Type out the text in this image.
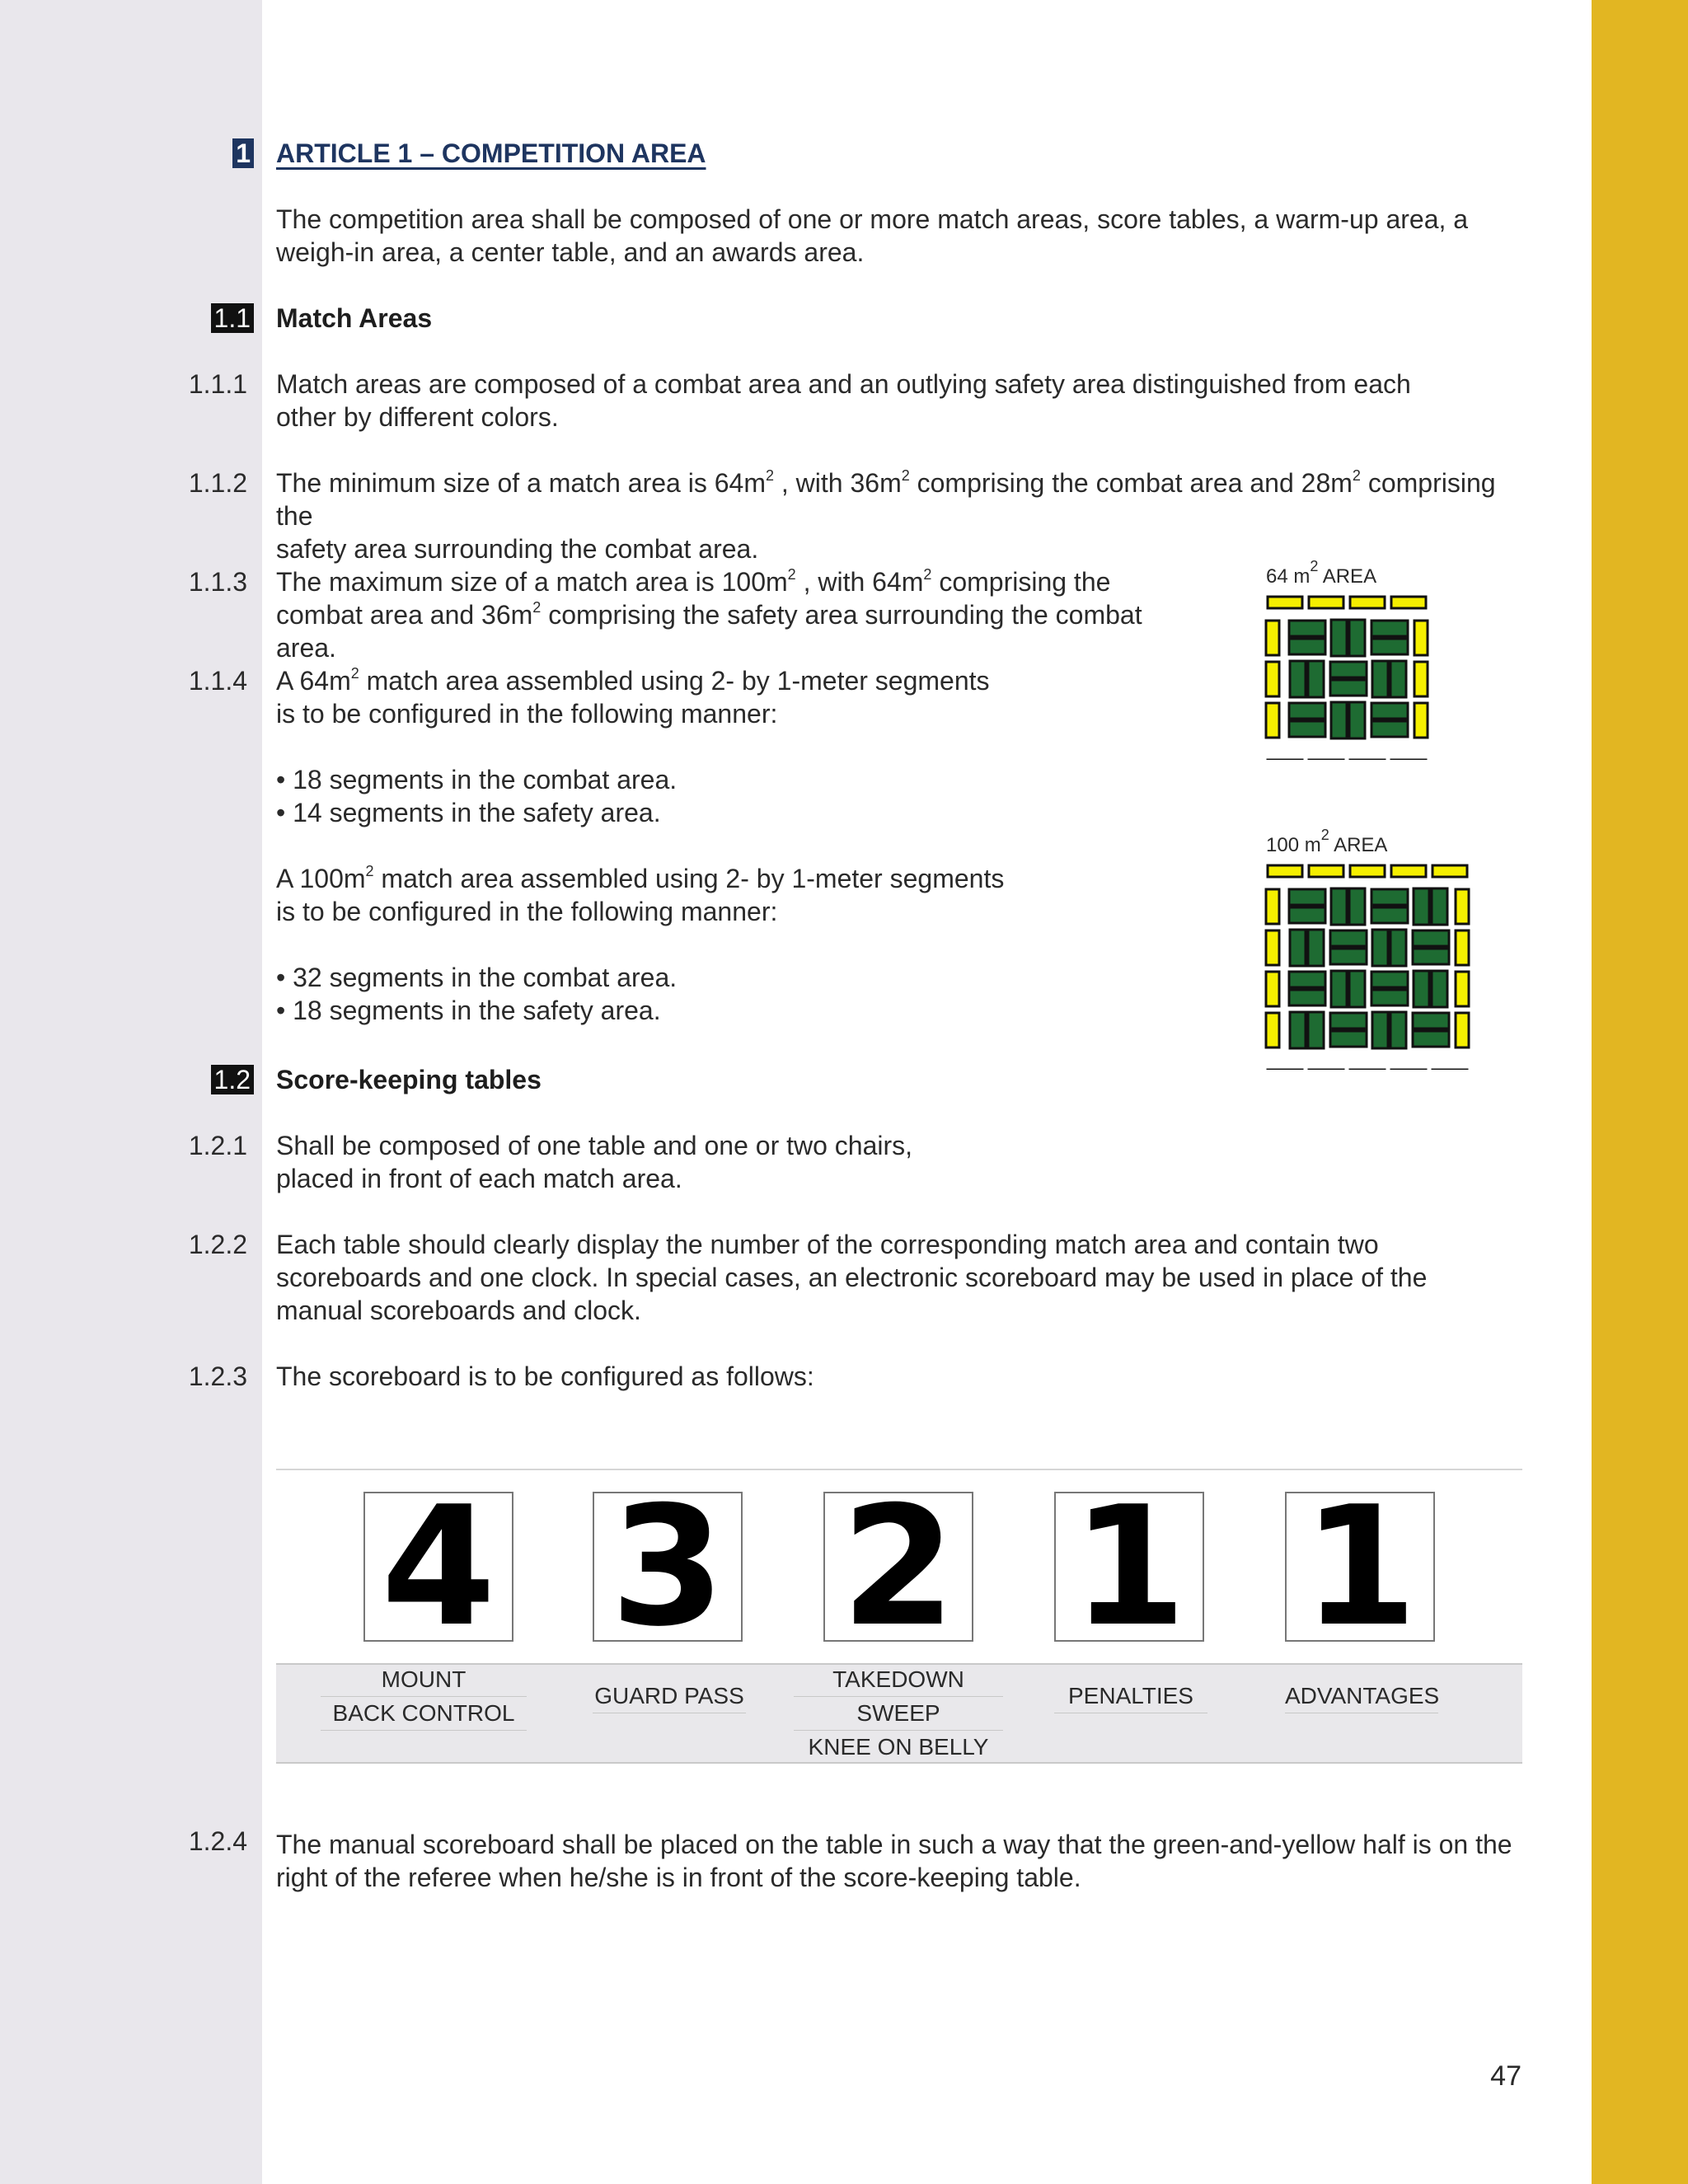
1 ARTICLE 1 – COMPETITION AREA
The competition area shall be composed of one or more match areas, score tables, a warm-up area, a weigh-in area, a center table, and an awards area.
1.1 Match Areas
1.1.1 Match areas are composed of a combat area and an outlying safety area distinguished from each other by different colors.
1.1.2 The minimum size of a match area is $64m^2$ , with $36m^2$ comprising the combat area and $28m^2$ comprising the
safety area surrounding the combat area.
1.1.3 The maximum size of a match area is $100m^2$ , with $64m^2$ comprising the
combat area and $36m^2$ comprising the safety area surrounding the combat area.
1.1.4 A $64m^2$ match area assembled using 2- by 1-meter segments
is to be configured in the following manner:
• 18 segments in the combat area.
• 14 segments in the safety area.
A $100m^2$ match area assembled using 2- by 1-meter segments
is to be configured in the following manner:
• 32 segments in the combat area.
• 18 segments in the safety area.
64 $m^2$ AREA
100 $m^2$ AREA
1.2 Score-keeping tables
1.2.1 Shall be composed of one table and one or two chairs,
placed in front of each match area.
1.2.2 Each table should clearly display the number of the corresponding match area and contain two scoreboards and one clock. In special cases, an electronic scoreboard may be used in place of the manual scoreboards and clock.
1.2.3 The scoreboard is to be configured as follows:
4 3 2 1 1
MOUNT
BACK CONTROL
GUARD PASS
TAKEDOWN
SWEEP
KNEE ON BELLY
PENALTIES	ADVANTAGES
1.2.4 The manual scoreboard shall be placed on the table in such a way that the green-and-yellow half is on the right of the referee when he/she is in front of the score-keeping table.
47
